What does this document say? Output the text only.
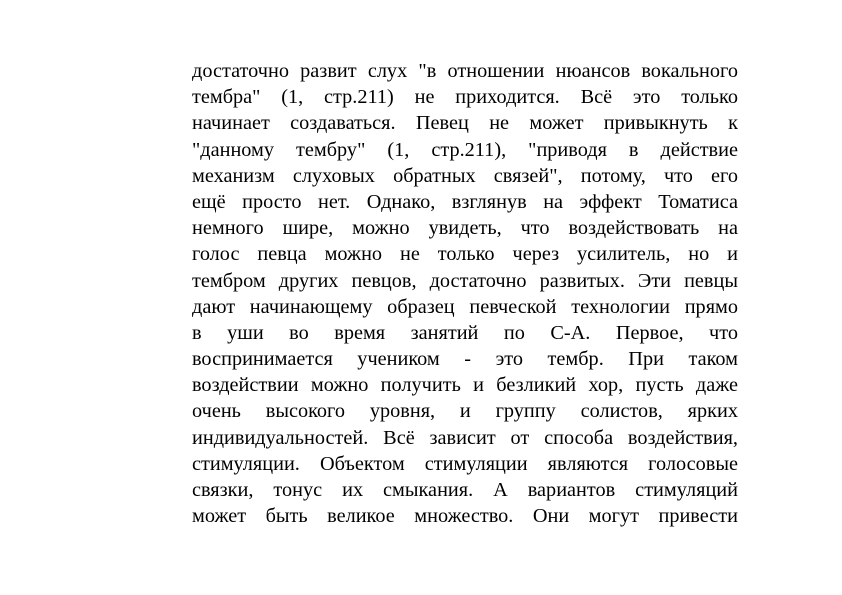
достаточно развит слух "в отношении нюансов вокального
тембра" (1, стр.211) не приходится. Всё это только
начинает создаваться. Певец не может привыкнуть к
"данному тембру" (1, стр.211), "приводя в действие
механизм слуховых обратных связей", потому, что его
ещё просто нет. Однако, взглянув на эффект Томатиса
немного шире, можно увидеть, что воздействовать на
голос певца можно не только через усилитель, но и
тембром других певцов, достаточно развитых. Эти певцы
дают начинающему образец певческой технологии прямо
в уши во время занятий по С-А. Первое, что
воспринимается учеником - это тембр. При таком
воздействии можно получить и безликий хор, пусть даже
очень высокого уровня, и группу солистов, ярких
индивидуальностей. Всё зависит от способа воздействия,
стимуляции. Объектом стимуляции являются голосовые
связки, тонус их смыкания. А вариантов стимуляций
может быть великое множество. Они могут привести
